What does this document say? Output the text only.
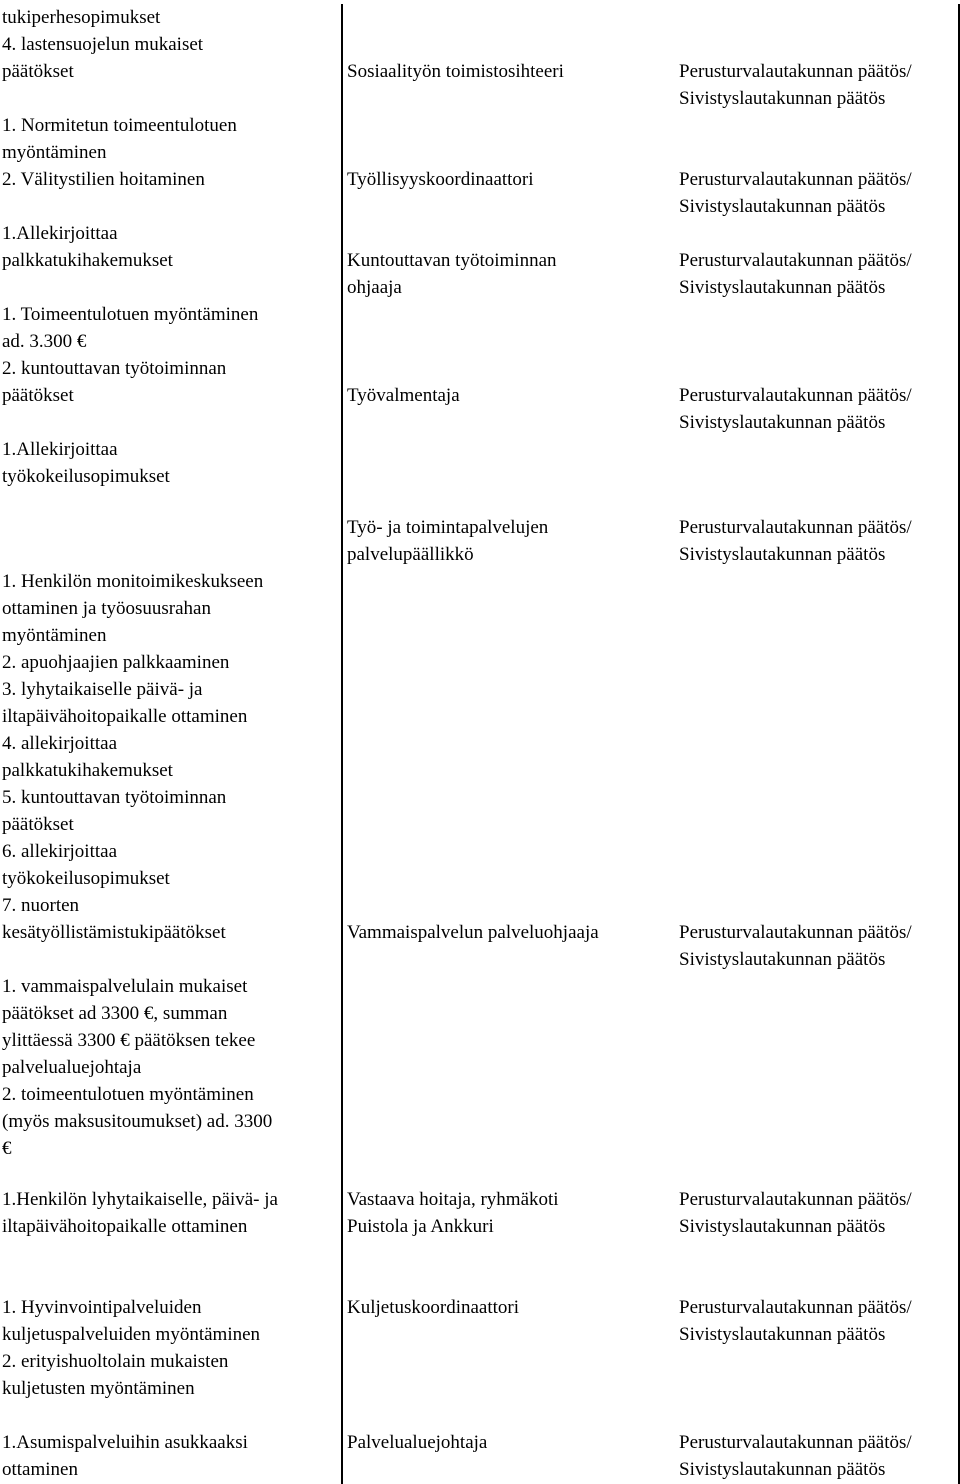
tukiperhesopimukset
4. lastensuojelun mukaiset
päätökset
1. Normitetun toimeentulotuen
myöntäminen
2. Välitystilien hoitaminen
1.Allekirjoittaa
palkkatukihakemukset
1. Toimeentulotuen myöntäminen
ad. 3.300 €
2. kuntouttavan työtoiminnan
päätökset
1.Allekirjoittaa
työkokeilusopimukset
1. Henkilön monitoimikeskukseen
ottaminen ja työosuusrahan
myöntäminen
2. apuohjaajien palkkaaminen
3. lyhytaikaiselle päivä- ja
iltapäivähoitopaikalle ottaminen
4. allekirjoittaa
palkkatukihakemukset
5. kuntouttavan työtoiminnan
päätökset
6. allekirjoittaa
työkokeilusopimukset
7. nuorten
kesätyöllistämistukipäätökset
1. vammaispalvelulain mukaiset
päätökset ad 3300 €, summan
ylittäessä 3300 € päätöksen tekee
palvelualuejohtaja
2. toimeentulotuen myöntäminen
(myös maksusitoumukset) ad. 3300
€
1.Henkilön lyhytaikaiselle, päivä- ja
iltapäivähoitopaikalle ottaminen
1. Hyvinvointipalveluiden
kuljetuspalveluiden myöntäminen
2. erityishuoltolain mukaisten
kuljetusten myöntäminen
1.Asumispalveluihin asukkaaksi
ottaminen
Sosiaalityön toimistosihteeri
Työllisyyskoordinaattori
Kuntouttavan työtoiminnan
ohjaaja
Työvalmentaja
Työ- ja toimintapalvelujen
palvelupäällikkö
Vammaispalvelun palveluohjaaja
Vastaava hoitaja, ryhmäkoti
Puistola ja Ankkuri
Kuljetuskoordinaattori
Palvelualuejohtaja
Perusturvalautakunnan päätös/
Sivistyslautakunnan päätös
Perusturvalautakunnan päätös/
Sivistyslautakunnan päätös
Perusturvalautakunnan päätös/
Sivistyslautakunnan päätös
Perusturvalautakunnan päätös/
Sivistyslautakunnan päätös
Perusturvalautakunnan päätös/
Sivistyslautakunnan päätös
Perusturvalautakunnan päätös/
Sivistyslautakunnan päätös
Perusturvalautakunnan päätös/
Sivistyslautakunnan päätös
Perusturvalautakunnan päätös/
Sivistyslautakunnan päätös
Perusturvalautakunnan päätös/
Sivistyslautakunnan päätös
